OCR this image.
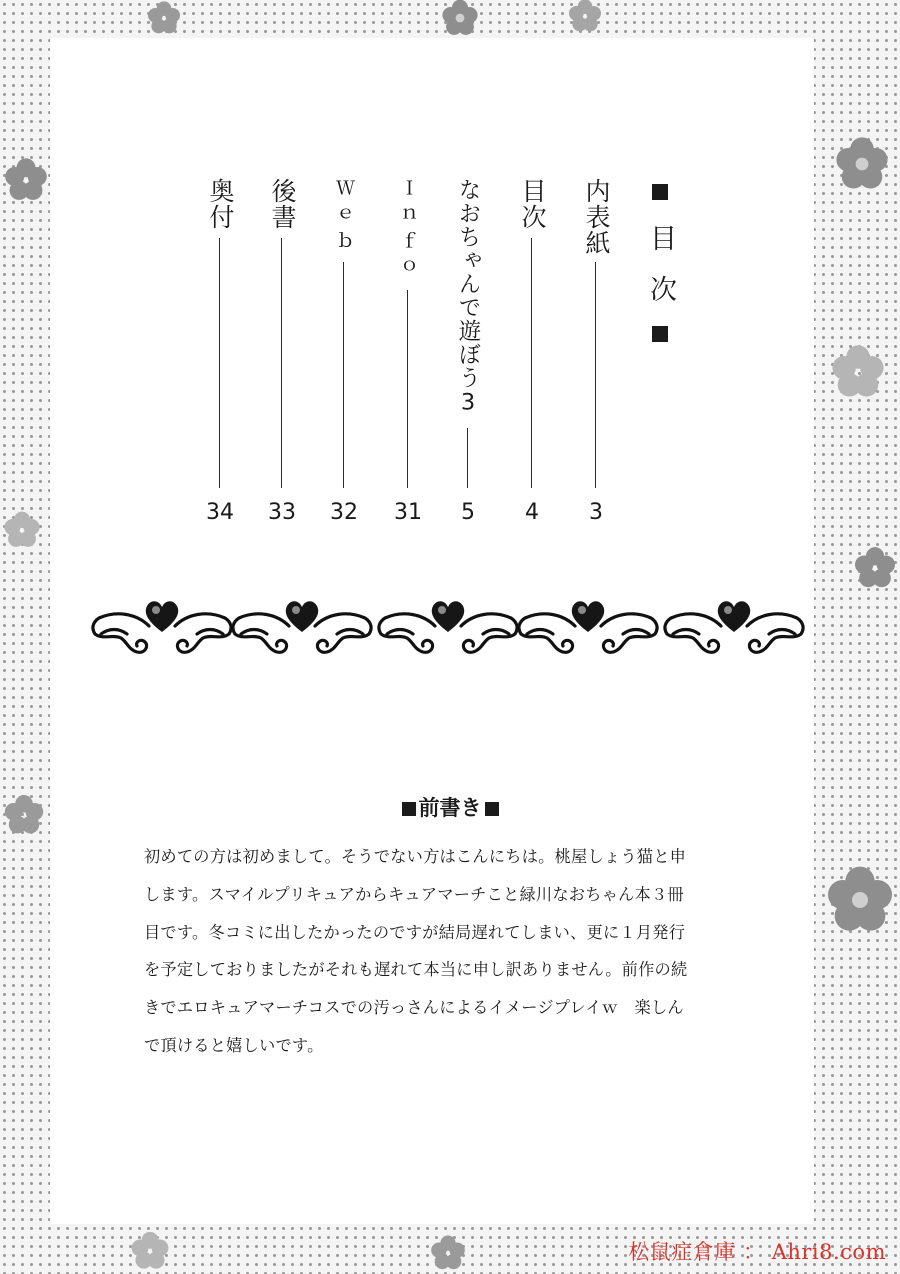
目次
内表紙
3
目次
4
なおちゃんで遊ぼう3
5
Ｉｎｆｏ
31
Ｗｅｂ
32
後書
33
奥付
34
前書き
初めての方は初めまして。そうでない方はこんにちは。桃屋しょう猫と申
します。スマイルプリキュアからキュアマーチこと緑川なおちゃん本３冊
目です。冬コミに出したかったのですが結局遅れてしまい、更に１月発行
を予定しておりましたがそれも遅れて本当に申し訳ありません。前作の続
きでエロキュアマーチコスでの汚っさんによるイメージプレイｗ　楽しん
で頂けると嬉しいです。
松鼠症倉庫 ： Ahri8.com
